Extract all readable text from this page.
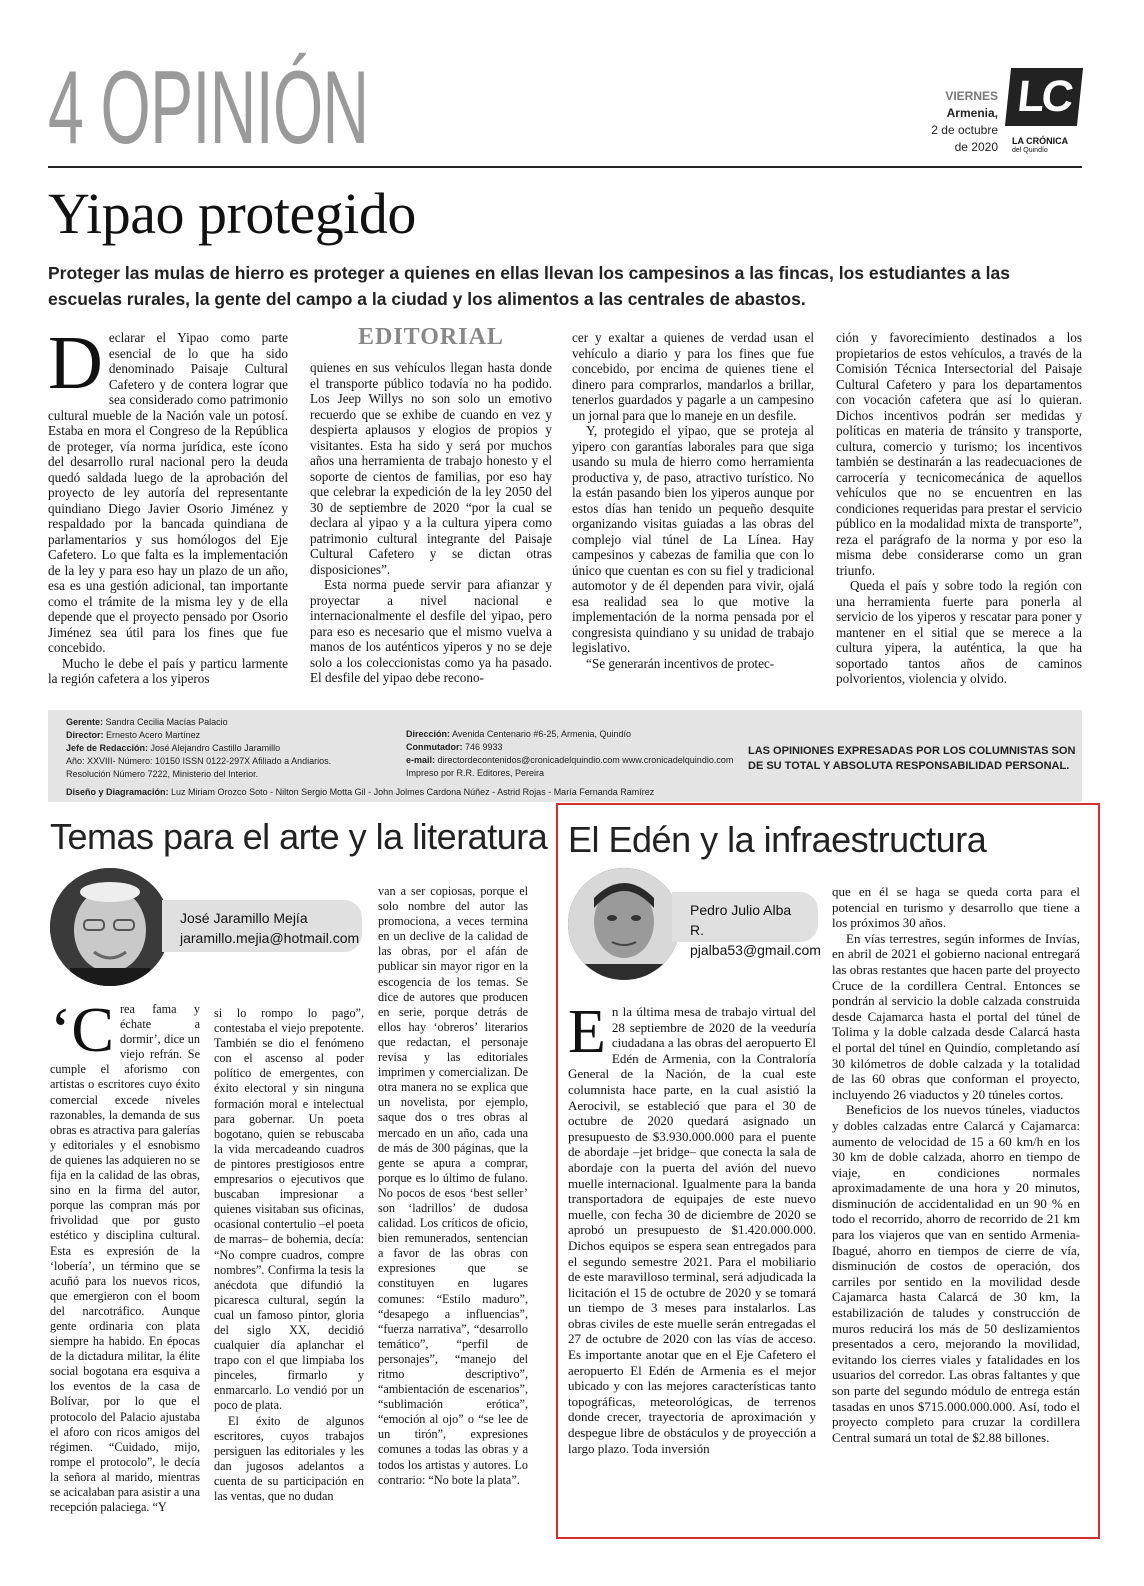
4 OPINIÓN	VIERNES
Armenia,
2 de octubre
de 2020
LC
LA CRÓNICA
del Quindío
Yipao protegido
Proteger las mulas de hierro es proteger a quienes en ellas llevan los campesinos a las fincas, los estudiantes a las escuelas rurales, la gente del campo a la ciudad y los alimentos a las centrales de abastos.
D eclarar el Yipao como parte esencial de lo que ha sido denominado Paisaje Cultural Cafetero y de contera lograr que sea considerado como patrimonio cultural mueble de la Nación vale un potosí. Estaba en mora el Congreso de la República de proteger, vía norma jurídica, este ícono del desarrollo rural nacional pero la deuda quedó saldada luego de la aprobación del proyecto de ley autoría del representante quindiano Diego Javier Osorio Jiménez y respaldado por la bancada quindiana de parlamentarios y sus homólogos del Eje Cafetero. Lo que falta es la implementación de la ley y para eso hay un plazo de un año, esa es una gestión adicional, tan importante como el trámite de la misma ley y de ella depende que el proyecto pensado por Osorio Jiménez sea útil para los fines que fue concebido.

Mucho le debe el país y particu larmente la región cafetera a los yiperos

EDITORIAL

quienes en sus vehículos llegan hasta donde el transporte público todavía no ha podido. Los Jeep Willys no son solo un emotivo recuerdo que se exhibe de cuando en vez y despierta aplausos y elogios de propios y visitantes. Esta ha sido y será por muchos años una herramienta de trabajo honesto y el soporte de cientos de familias, por eso hay que celebrar la expedición de la ley 2050 del 30 de septiembre de 2020 “por la cual se declara al yipao y a la cultura yipera como patrimonio cultural integrante del Paisaje Cultural Cafetero y se dictan otras disposiciones”.

Esta norma puede servir para afianzar y proyectar a nivel nacional e internacionalmente el desfile del yipao, pero para eso es necesario que el mismo vuelva a manos de los auténticos yiperos y no se deje solo a los coleccionistas como ya ha pasado. El desfile del yipao debe recono-

cer y exaltar a quienes de verdad usan el vehículo a diario y para los fines que fue concebido, por encima de quienes tiene el dinero para comprarlos, mandarlos a brillar, tenerlos guardados y pagarle a un campesino un jornal para que lo maneje en un desfile.

Y, protegido el yipao, que se proteja al yipero con garantías laborales para que siga usando su mula de hierro como herramienta productiva y, de paso, atractivo turístico. No la están pasando bien los yiperos aunque por estos días han tenido un pequeño desquite organizando visitas guiadas a las obras del complejo vial túnel de La Línea. Hay campesinos y cabezas de familia que con lo único que cuentan es con su fiel y tradicional automotor y de él dependen para vivir, ojalá esa realidad sea lo que motive la implementación de la norma pensada por el congresista quindiano y su unidad de trabajo legislativo.

“Se generarán incentivos de protec-

ción y favorecimiento destinados a los propietarios de estos vehículos, a través de la Comisión Técnica Intersectorial del Paisaje Cultural Cafetero y para los departamentos con vocación cafetera que así lo quieran. Dichos incentivos podrán ser medidas y políticas en materia de tránsito y transporte, cultura, comercio y turismo; los incentivos también se destinarán a las readecuaciones de carrocería y tecnicomecánica de aquellos vehículos que no se encuentren en las condiciones requeridas para prestar el servicio público en la modalidad mixta de transporte”, reza el parágrafo de la norma y por eso la misma debe considerarse como un gran triunfo.

Queda el país y sobre todo la región con una herramienta fuerte para ponerla al servicio de los yiperos y rescatar para poner y mantener en el sitial que se merece a la cultura yipera, la auténtica, la que ha soportado tantos años de caminos polvorientos, violencia y olvido.

Gerente: Sandra Cecilia Macías Palacio
Director: Ernesto Acero Martínez
Jefe de Redacción: José Alejandro Castillo Jaramillo
Año: XXVIII- Número: 10150 ISSN 0122-297X Afiliado a Andiarios.
Resolución Número 7222, Ministerio del Interior.
Dirección: Avenida Centenario #6-25, Armenia, Quindío
Conmutador: 746 9933
e-mail: directordecontenidos@cronicadelquindio.com www.cronicadelquindio.com
Impreso por R.R. Editores, Pereira
LAS OPINIONES EXPRESADAS POR LOS COLUMNISTAS SON DE SU TOTAL Y ABSOLUTA RESPONSABILIDAD PERSONAL.
Diseño y Diagramación: Luz Miriam Orozco Soto - Nilton Sergio Motta Gil - John Jolmes Cardona Núñez - Astrid Rojas - María Fernanda Ramírez
Temas para el arte y la literatura
José Jaramillo Mejía
jaramillo.mejia@hotmail.com
‘C rea fama y échate a dormir’, dice un viejo refrán. Se cumple el aforismo con artistas o escritores cuyo éxito comercial excede niveles razonables, la demanda de sus obras es atractiva para galerías y editoriales y el esnobismo de quienes las adquieren no se fija en la calidad de las obras, sino en la firma del autor, porque las compran más por frivolidad que por gusto estético y disciplina cultural. Esta es expresión de la ‘lobería’, un término que se acuñó para los nuevos ricos, que emergieron con el boom del narcotráfico. Aunque gente ordinaria con plata siempre ha habido. En épocas de la dictadura militar, la élite social bogotana era esquiva a los eventos de la casa de Bolívar, por lo que el protocolo del Palacio ajustaba el aforo con ricos amigos del régimen. “Cuidado, mijo, rompe el protocolo”, le decía la señora al marido, mientras se acicalaban para asistir a una recepción palaciega. “Y

si lo rompo lo pago”, contestaba el viejo prepotente. También se dio el fenómeno con el ascenso al poder político de emergentes, con éxito electoral y sin ninguna formación moral e intelectual para gobernar. Un poeta bogotano, quien se rebuscaba la vida mercadeando cuadros de pintores prestigiosos entre empresarios o ejecutivos que buscaban impresionar a quienes visitaban sus oficinas, ocasional contertulio –el poeta de marras– de bohemia, decía: “No compre cuadros, compre nombres”. Confirma la tesis la anécdota que difundió la picaresca cultural, según la cual un famoso pintor, gloria del siglo XX, decidió cualquier día aplanchar el trapo con el que limpiaba los pinceles, firmarlo y enmarcarlo. Lo vendió por un poco de plata.

El éxito de algunos escritores, cuyos trabajos persiguen las editoriales y les dan jugosos adelantos a cuenta de su participación en las ventas, que no dudan

van a ser copiosas, porque el solo nombre del autor las promociona, a veces termina en un declive de la calidad de las obras, por el afán de publicar sin mayor rigor en la escogencia de los temas. Se dice de autores que producen en serie, porque detrás de ellos hay ‘obreros’ literarios que redactan, el personaje revisa y las editoriales imprimen y comercializan. De otra manera no se explica que un novelista, por ejemplo, saque dos o tres obras al mercado en un año, cada una de más de 300 páginas, que la gente se apura a comprar, porque es lo último de fulano. No pocos de esos ‘best seller’ son ‘ladrillos’ de dudosa calidad. Los críticos de oficio, bien remunerados, sentencian a favor de las obras con expresiones que se constituyen en lugares comunes: “Estilo maduro”, “desapego a influencias”, “fuerza narrativa”, “desarrollo temático”, “perfil de personajes”, “manejo del ritmo descriptivo”, “ambientación de escenarios”, “sublimación erótica”, “emoción al ojo” o “se lee de un tirón”, expresiones comunes a todas las obras y a todos los artistas y autores. Lo contrario: “No bote la plata”.

El Edén y la infraestructura
Pedro Julio Alba R.
pjalba53@gmail.com
E n la última mesa de trabajo virtual del 28 septiembre de 2020 de la veeduría ciudadana a las obras del aeropuerto El Edén de Armenia, con la Contraloría General de la Nación, de la cual este columnista hace parte, en la cual asistió la Aerocivil, se estableció que para el 30 de octubre de 2020 quedará asignado un presupuesto de $3.930.000.000 para el puente de abordaje –jet bridge– que conecta la sala de abordaje con la puerta del avión del nuevo muelle internacional. Igualmente para la banda transportadora de equipajes de este nuevo muelle, con fecha 30 de diciembre de 2020 se aprobó un presupuesto de $1.420.000.000. Dichos equipos se espera sean entregados para el segundo semestre 2021. Para el mobiliario de este maravilloso terminal, será adjudicada la licitación el 15 de octubre de 2020 y se tomará un tiempo de 3 meses para instalarlos. Las obras civiles de este muelle serán entregadas el 27 de octubre de 2020 con las vías de acceso. Es importante anotar que en el Eje Cafetero el aeropuerto El Edén de Armenia es el mejor ubicado y con las mejores características tanto topográficas, meteorológicas, de terrenos donde crecer, trayectoria de aproximación y despegue libre de obstáculos y de proyección a largo plazo. Toda inversión

que en él se haga se queda corta para el potencial en turismo y desarrollo que tiene a los próximos 30 años.

En vías terrestres, según informes de Invías, en abril de 2021 el gobierno nacional entregará las obras restantes que hacen parte del proyecto Cruce de la cordillera Central. Entonces se pondrán al servicio la doble calzada construida desde Cajamarca hasta el portal del túnel de Tolima y la doble calzada desde Calarcá hasta el portal del túnel en Quindío, completando así 30 kilómetros de doble calzada y la totalidad de las 60 obras que conforman el proyecto, incluyendo 26 viaductos y 20 túneles cortos.

Beneficios de los nuevos túneles, viaductos y dobles calzadas entre Calarcá y Cajamarca: aumento de velocidad de 15 a 60 km/h en los 30 km de doble calzada, ahorro en tiempo de viaje, en condiciones normales aproximadamente de una hora y 20 minutos, disminución de accidentalidad en un 90 % en todo el recorrido, ahorro de recorrido de 21 km para los viajeros que van en sentido Armenia- Ibagué, ahorro en tiempos de cierre de vía, disminución de costos de operación, dos carriles por sentido en la movilidad desde Cajamarca hasta Calarcá de 30 km, la estabilización de taludes y construcción de muros reducirá los más de 50 deslizamientos presentados a cero, mejorando la movilidad, evitando los cierres viales y fatalidades en los usuarios del corredor. Las obras faltantes y que son parte del segundo módulo de entrega están tasadas en unos $715.000.000.000. Así, todo el proyecto completo para cruzar la cordillera Central sumará un total de $2.88 billones.
